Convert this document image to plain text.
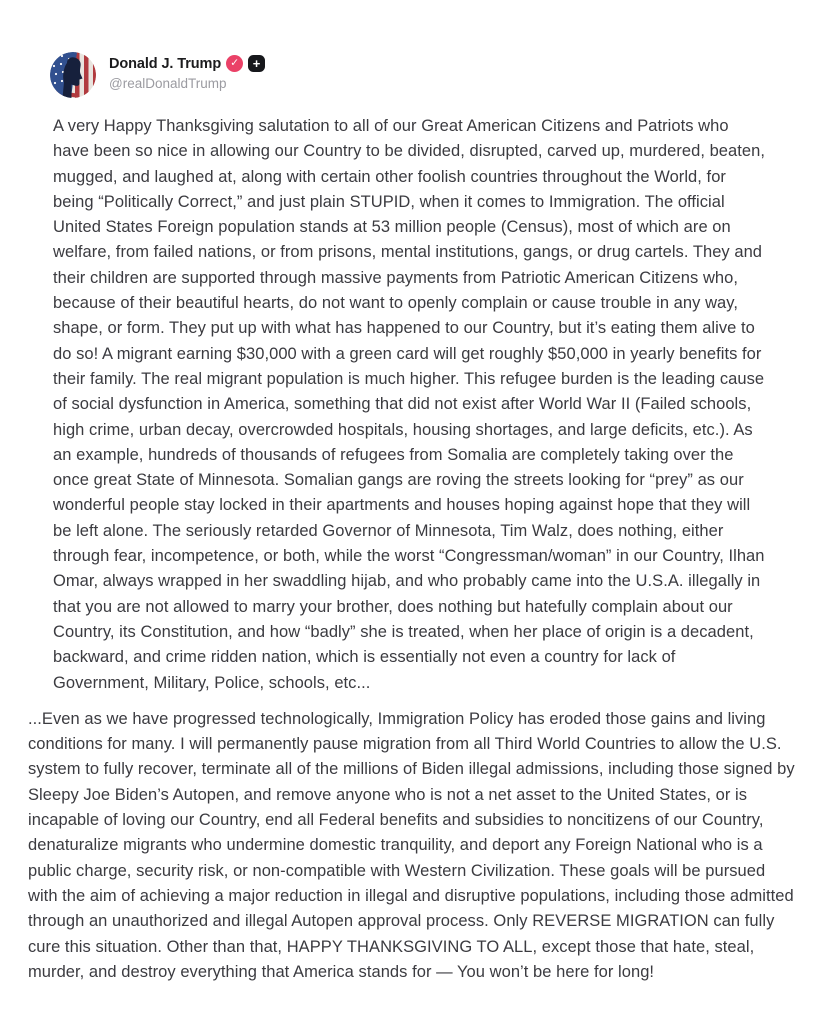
Donald J. Trump ✓ +
@realDonaldTrump

A very Happy Thanksgiving salutation to all of our Great American Citizens and Patriots who have been so nice in allowing our Country to be divided, disrupted, carved up, murdered, beaten, mugged, and laughed at, along with certain other foolish countries throughout the World, for being “Politically Correct,” and just plain STUPID, when it comes to Immigration. The official United States Foreign population stands at 53 million people (Census), most of which are on welfare, from failed nations, or from prisons, mental institutions, gangs, or drug cartels. They and their children are supported through massive payments from Patriotic American Citizens who, because of their beautiful hearts, do not want to openly complain or cause trouble in any way, shape, or form. They put up with what has happened to our Country, but it’s eating them alive to do so! A migrant earning $30,000 with a green card will get roughly $50,000 in yearly benefits for their family. The real migrant population is much higher. This refugee burden is the leading cause of social dysfunction in America, something that did not exist after World War II (Failed schools, high crime, urban decay, overcrowded hospitals, housing shortages, and large deficits, etc.). As an example, hundreds of thousands of refugees from Somalia are completely taking over the once great State of Minnesota. Somalian gangs are roving the streets looking for “prey” as our wonderful people stay locked in their apartments and houses hoping against hope that they will be left alone. The seriously retarded Governor of Minnesota, Tim Walz, does nothing, either through fear, incompetence, or both, while the worst “Congressman/woman” in our Country, Ilhan Omar, always wrapped in her swaddling hijab, and who probably came into the U.S.A. illegally in that you are not allowed to marry your brother, does nothing but hatefully complain about our Country, its Constitution, and how “badly” she is treated, when her place of origin is a decadent, backward, and crime ridden nation, which is essentially not even a country for lack of Government, Military, Police, schools, etc...

...Even as we have progressed technologically, Immigration Policy has eroded those gains and living conditions for many. I will permanently pause migration from all Third World Countries to allow the U.S. system to fully recover, terminate all of the millions of Biden illegal admissions, including those signed by Sleepy Joe Biden’s Autopen, and remove anyone who is not a net asset to the United States, or is incapable of loving our Country, end all Federal benefits and subsidies to noncitizens of our Country, denaturalize migrants who undermine domestic tranquility, and deport any Foreign National who is a public charge, security risk, or non-compatible with Western Civilization. These goals will be pursued with the aim of achieving a major reduction in illegal and disruptive populations, including those admitted through an unauthorized and illegal Autopen approval process. Only REVERSE MIGRATION can fully cure this situation. Other than that, HAPPY THANKSGIVING TO ALL, except those that hate, steal, murder, and destroy everything that America stands for — You won’t be here for long!
